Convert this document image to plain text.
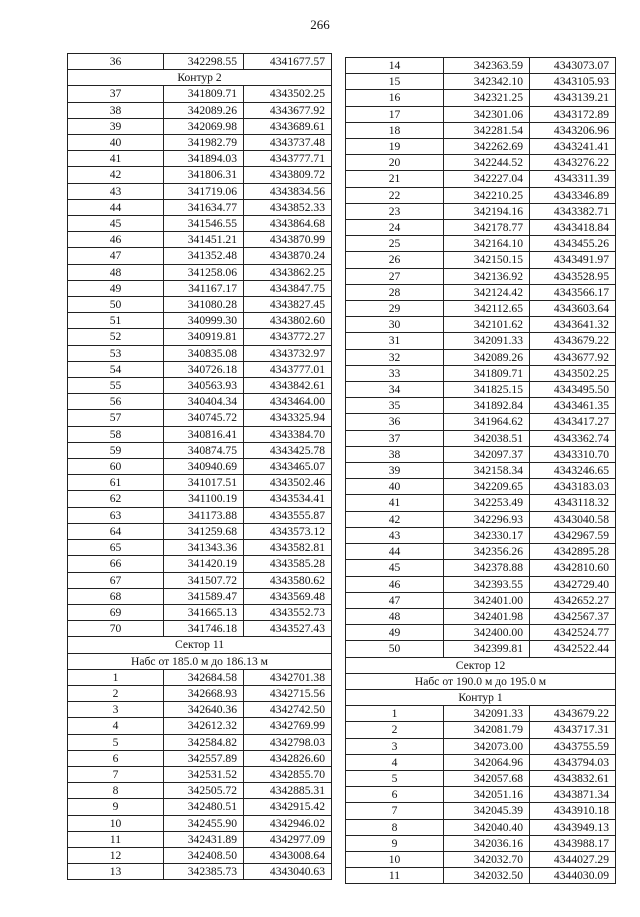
266
36	342298.55	4341677.57
Контур 2		
37	341809.71	4343502.25
38	342089.26	4343677.92
39	342069.98	4343689.61
40	341982.79	4343737.48
41	341894.03	4343777.71
42	341806.31	4343809.72
43	341719.06	4343834.56
44	341634.77	4343852.33
45	341546.55	4343864.68
46	341451.21	4343870.99
47	341352.48	4343870.24
48	341258.06	4343862.25
49	341167.17	4343847.75
50	341080.28	4343827.45
51	340999.30	4343802.60
52	340919.81	4343772.27
53	340835.08	4343732.97
54	340726.18	4343777.01
55	340563.93	4343842.61
56	340404.34	4343464.00
57	340745.72	4343325.94
58	340816.41	4343384.70
59	340874.75	4343425.78
60	340940.69	4343465.07
61	341017.51	4343502.46
62	341100.19	4343534.41
63	341173.88	4343555.87
64	341259.68	4343573.12
65	341343.36	4343582.81
66	341420.19	4343585.28
67	341507.72	4343580.62
68	341589.47	4343569.48
69	341665.13	4343552.73
70	341746.18	4343527.43
Сектор 11		
Набс от 185.0 м до 186.13 м		
1	342684.58	4342701.38
2	342668.93	4342715.56
3	342640.36	4342742.50
4	342612.32	4342769.99
5	342584.82	4342798.03
6	342557.89	4342826.60
7	342531.52	4342855.70
8	342505.72	4342885.31
9	342480.51	4342915.42
10	342455.90	4342946.02
11	342431.89	4342977.09
12	342408.50	4343008.64
13	342385.73	4343040.63
14	342363.59	4343073.07
15	342342.10	4343105.93
16	342321.25	4343139.21
17	342301.06	4343172.89
18	342281.54	4343206.96
19	342262.69	4343241.41
20	342244.52	4343276.22
21	342227.04	4343311.39
22	342210.25	4343346.89
23	342194.16	4343382.71
24	342178.77	4343418.84
25	342164.10	4343455.26
26	342150.15	4343491.97
27	342136.92	4343528.95
28	342124.42	4343566.17
29	342112.65	4343603.64
30	342101.62	4343641.32
31	342091.33	4343679.22
32	342089.26	4343677.92
33	341809.71	4343502.25
34	341825.15	4343495.50
35	341892.84	4343461.35
36	341964.62	4343417.27
37	342038.51	4343362.74
38	342097.37	4343310.70
39	342158.34	4343246.65
40	342209.65	4343183.03
41	342253.49	4343118.32
42	342296.93	4343040.58
43	342330.17	4342967.59
44	342356.26	4342895.28
45	342378.88	4342810.60
46	342393.55	4342729.40
47	342401.00	4342652.27
48	342401.98	4342567.37
49	342400.00	4342524.77
50	342399.81	4342522.44
Сектор 12		
Набс от 190.0 м до 195.0 м		
Контур 1		
1	342091.33	4343679.22
2	342081.79	4343717.31
3	342073.00	4343755.59
4	342064.96	4343794.03
5	342057.68	4343832.61
6	342051.16	4343871.34
7	342045.39	4343910.18
8	342040.40	4343949.13
9	342036.16	4343988.17
10	342032.70	4344027.29
11	342032.50	4344030.09
